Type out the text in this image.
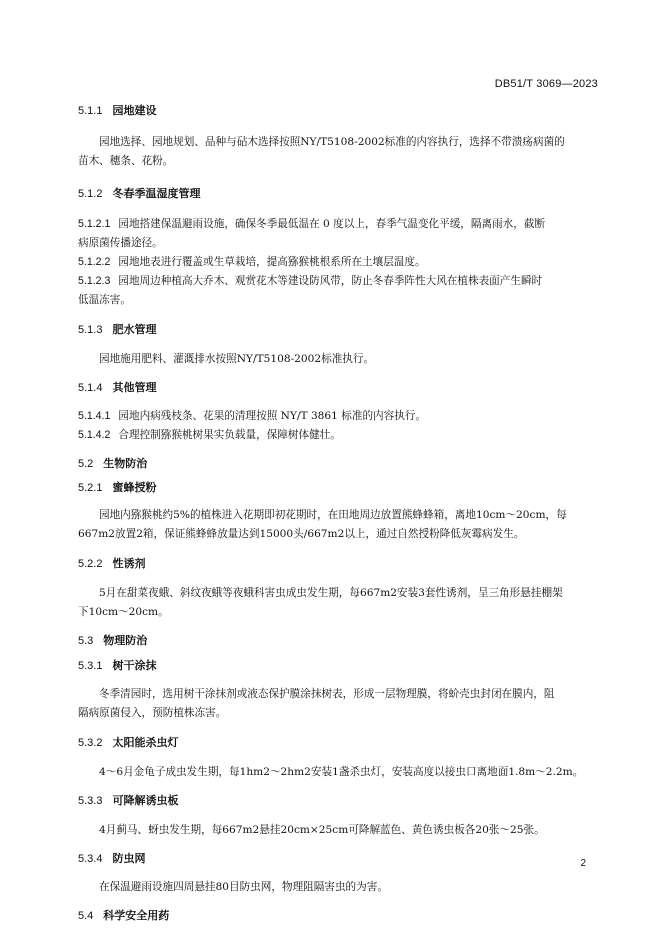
DB51/T 3069—2023
5.1.1 园地建设
园地选择、园地规划、品种与砧木选择按照NY/T5108-2002标准的内容执行，选择不带溃疡病菌的
苗木、穗条、花粉。
5.1.2 冬春季温湿度管理
5.1.2.1 园地搭建保温避雨设施，确保冬季最低温在 0 度以上，春季气温变化平缓，隔离雨水，截断
病原菌传播途径。
5.1.2.2 园地地表进行覆盖或生草栽培，提高猕猴桃根系所在土壤层温度。
5.1.2.3 园地周边种植高大乔木、观赏花木等建设防风带，防止冬春季阵性大风在植株表面产生瞬时
低温冻害。
5.1.3 肥水管理
园地施用肥料、灌溉排水按照NY/T5108-2002标准执行。
5.1.4 其他管理
5.1.4.1 园地内病残枝条、花果的清理按照 NY/T 3861 标准的内容执行。
5.1.4.2 合理控制猕猴桃树果实负载量，保障树体健壮。
5.2 生物防治
5.2.1 蜜蜂授粉
园地内猕猴桃约5%的植株进入花期即初花期时，在田地周边放置熊蜂蜂箱，离地10cm～20cm，每
667m2放置2箱，保证熊蜂蜂放量达到15000头/667m2以上，通过自然授粉降低灰霉病发生。
5.2.2 性诱剂
5月在甜菜夜蛾、斜纹夜蛾等夜蛾科害虫成虫发生期，每667m2安装3套性诱剂，呈三角形悬挂棚架
下10cm～20cm。
5.3 物理防治
5.3.1 树干涂抹
冬季清园时，选用树干涂抹剂或液态保护膜涂抹树表，形成一层物理膜，将蚧壳虫封闭在膜内，阻
隔病原菌侵入，预防植株冻害。
5.3.2 太阳能杀虫灯
4～6月金龟子成虫发生期，每1hm2～2hm2安装1盏杀虫灯，安装高度以接虫口离地面1.8m～2.2m。
5.3.3 可降解诱虫板
4月蓟马、蚜虫发生期，每667m2悬挂20cm×25cm可降解蓝色、黄色诱虫板各20张～25张。
5.3.4 防虫网
在保温避雨设施四周悬挂80目防虫网，物理阻隔害虫的为害。
5.4 科学安全用药
2
